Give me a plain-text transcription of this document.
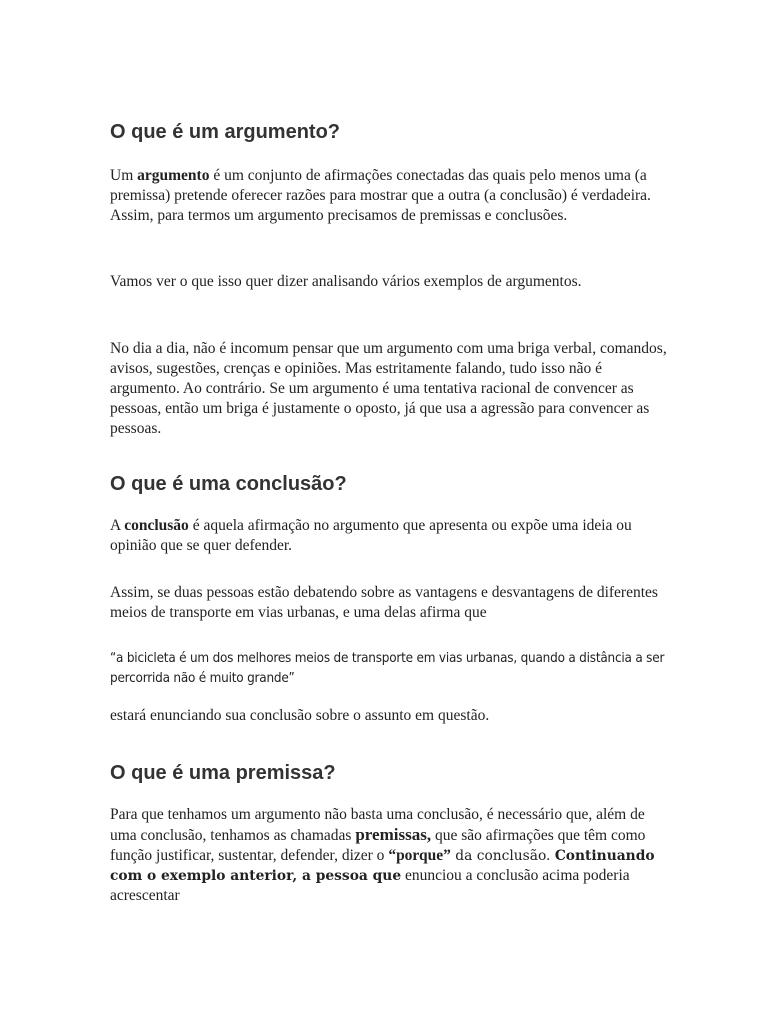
O que é um argumento?

Um argumento é um conjunto de afirmações conectadas das quais pelo menos uma (a premissa) pretende oferecer razões para mostrar que a outra (a conclusão) é verdadeira. Assim, para termos um argumento precisamos de premissas e conclusões.

Vamos ver o que isso quer dizer analisando vários exemplos de argumentos.

No dia a dia, não é incomum pensar que um argumento com uma briga verbal, comandos, avisos, sugestões, crenças e opiniões. Mas estritamente falando, tudo isso não é argumento. Ao contrário. Se um argumento é uma tentativa racional de convencer as pessoas, então um briga é justamente o oposto, já que usa a agressão para convencer as pessoas.

O que é uma conclusão?

A conclusão é aquela afirmação no argumento que apresenta ou expõe uma ideia ou opinião que se quer defender.

Assim, se duas pessoas estão debatendo sobre as vantagens e desvantagens de diferentes meios de transporte em vias urbanas, e uma delas afirma que

“a bicicleta é um dos melhores meios de transporte em vias urbanas, quando a distância a ser percorrida não é muito grande”

estará enunciando sua conclusão sobre o assunto em questão.

O que é uma premissa?

Para que tenhamos um argumento não basta uma conclusão, é necessário que, além de uma conclusão, tenhamos as chamadas premissas, que são afirmações que têm como função justificar, sustentar, defender, dizer o “porque” da conclusão. Continuando com o exemplo anterior, a pessoa que enunciou a conclusão acima poderia acrescentar
